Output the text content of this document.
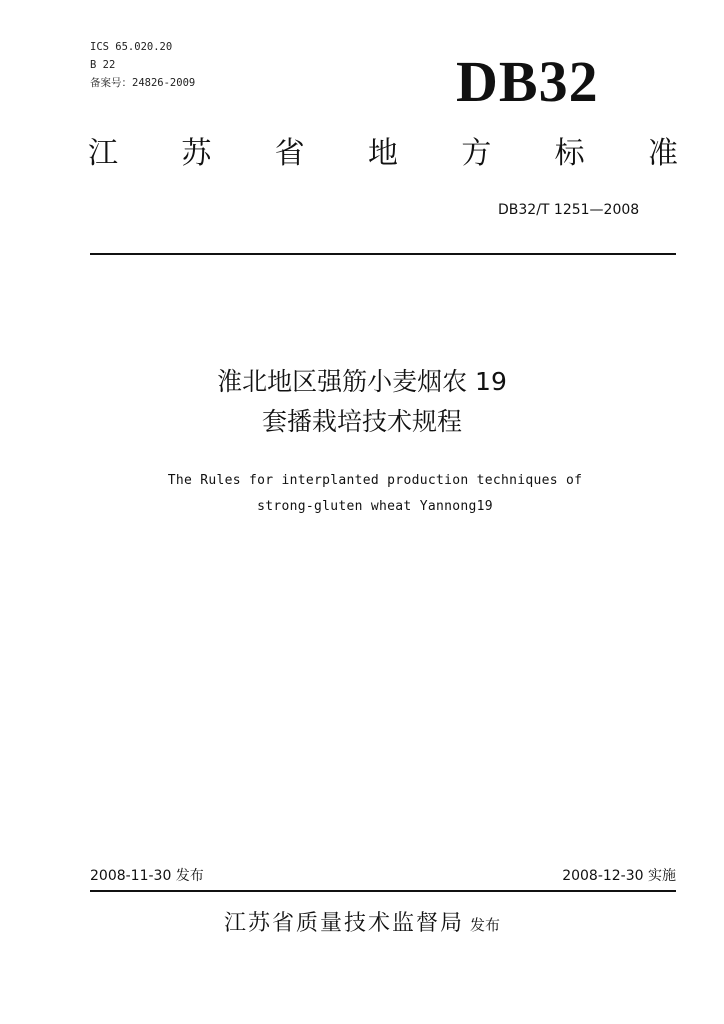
ICS 65.020.20
B 22
备案号：24826-2009	DB32
江 苏 省 地 方 标 准
DB32/T 1251—2008
淮北地区强筋小麦烟农 19
套播栽培技术规程
The Rules for interplanted production techniques of
strong-gluten wheat Yannong19
2008-11-30 发布	2008-12-30 实施
江苏省质量技术监督局 发布
